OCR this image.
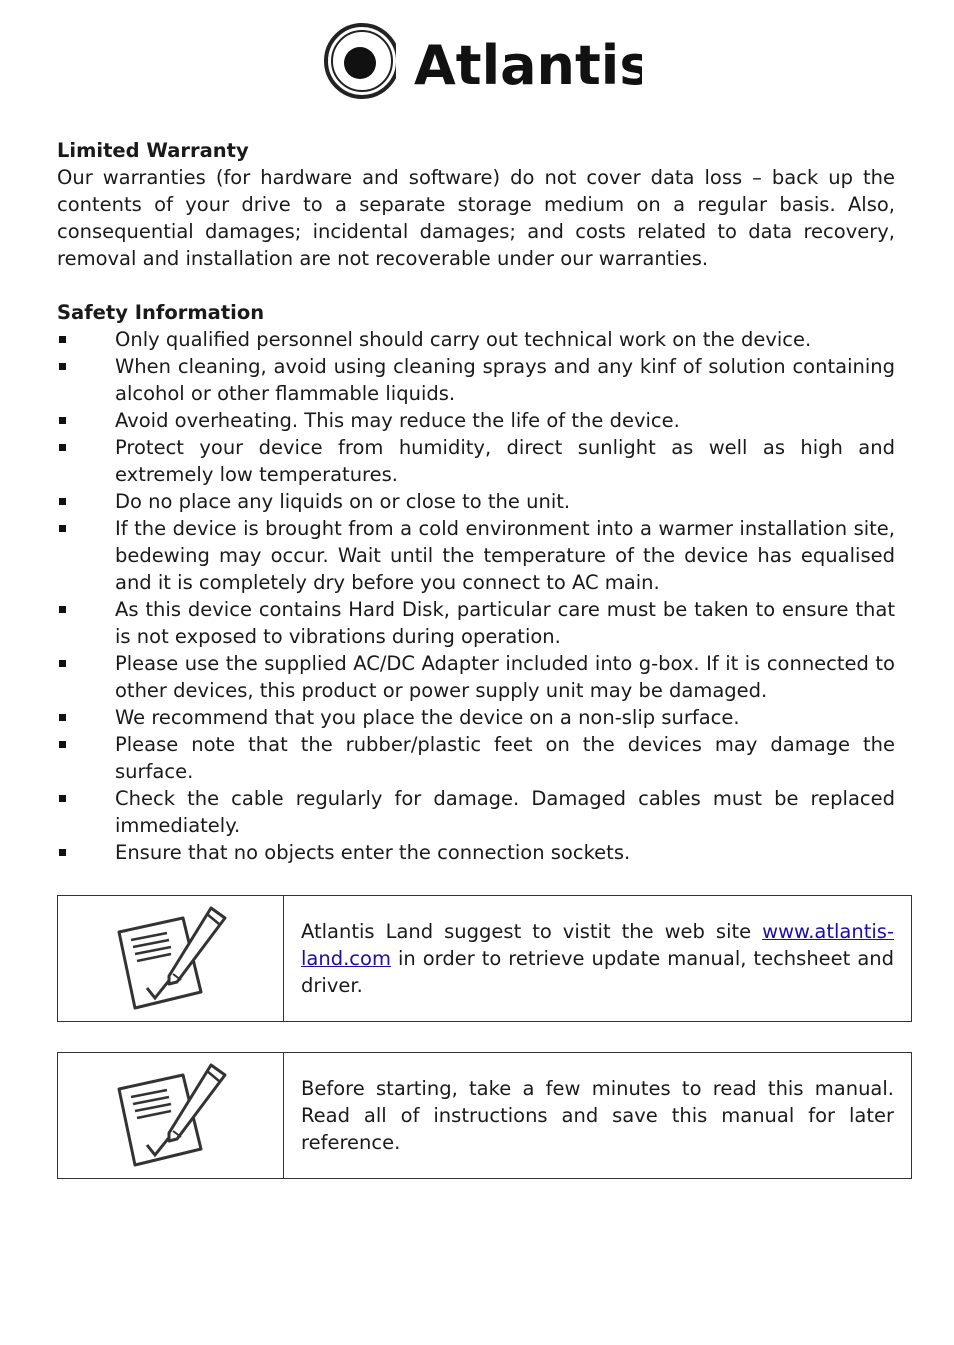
Atlantis
Limited Warranty

Our warranties (for hardware and software) do not cover data loss – back up the contents of your drive to a separate storage medium on a regular basis. Also, consequential damages; incidental damages; and costs related to data recovery, removal and installation are not recoverable under our warranties.

Safety Information
Only qualified personnel should carry out technical work on the device.
When cleaning, avoid using cleaning sprays and any kinf of solution containing alcohol or other flammable liquids.
Avoid overheating. This may reduce the life of the device.
Protect your device from humidity, direct sunlight as well as high and extremely low temperatures.
Do no place any liquids on or close to the unit.
If the device is brought from a cold environment into a warmer installation site, bedewing may occur. Wait until the temperature of the device has equalised and it is completely dry before you connect to AC main.
As this device contains Hard Disk, particular care must be taken to ensure that is not exposed to vibrations during operation.
Please use the supplied AC/DC Adapter included into g-box. If it is connected to other devices, this product or power supply unit may be damaged.
We recommend that you place the device on a non-slip surface.
Please note that the rubber/plastic feet on the devices may damage the surface.
Check the cable regularly for damage. Damaged cables must be replaced immediately.
Ensure that no objects enter the connection sockets.
Atlantis Land suggest to vistit the web site www.atlantis-land.com in order to retrieve update manual, techsheet and driver.
Before starting, take a few minutes to read this manual. Read all of instructions and save this manual for later reference.
